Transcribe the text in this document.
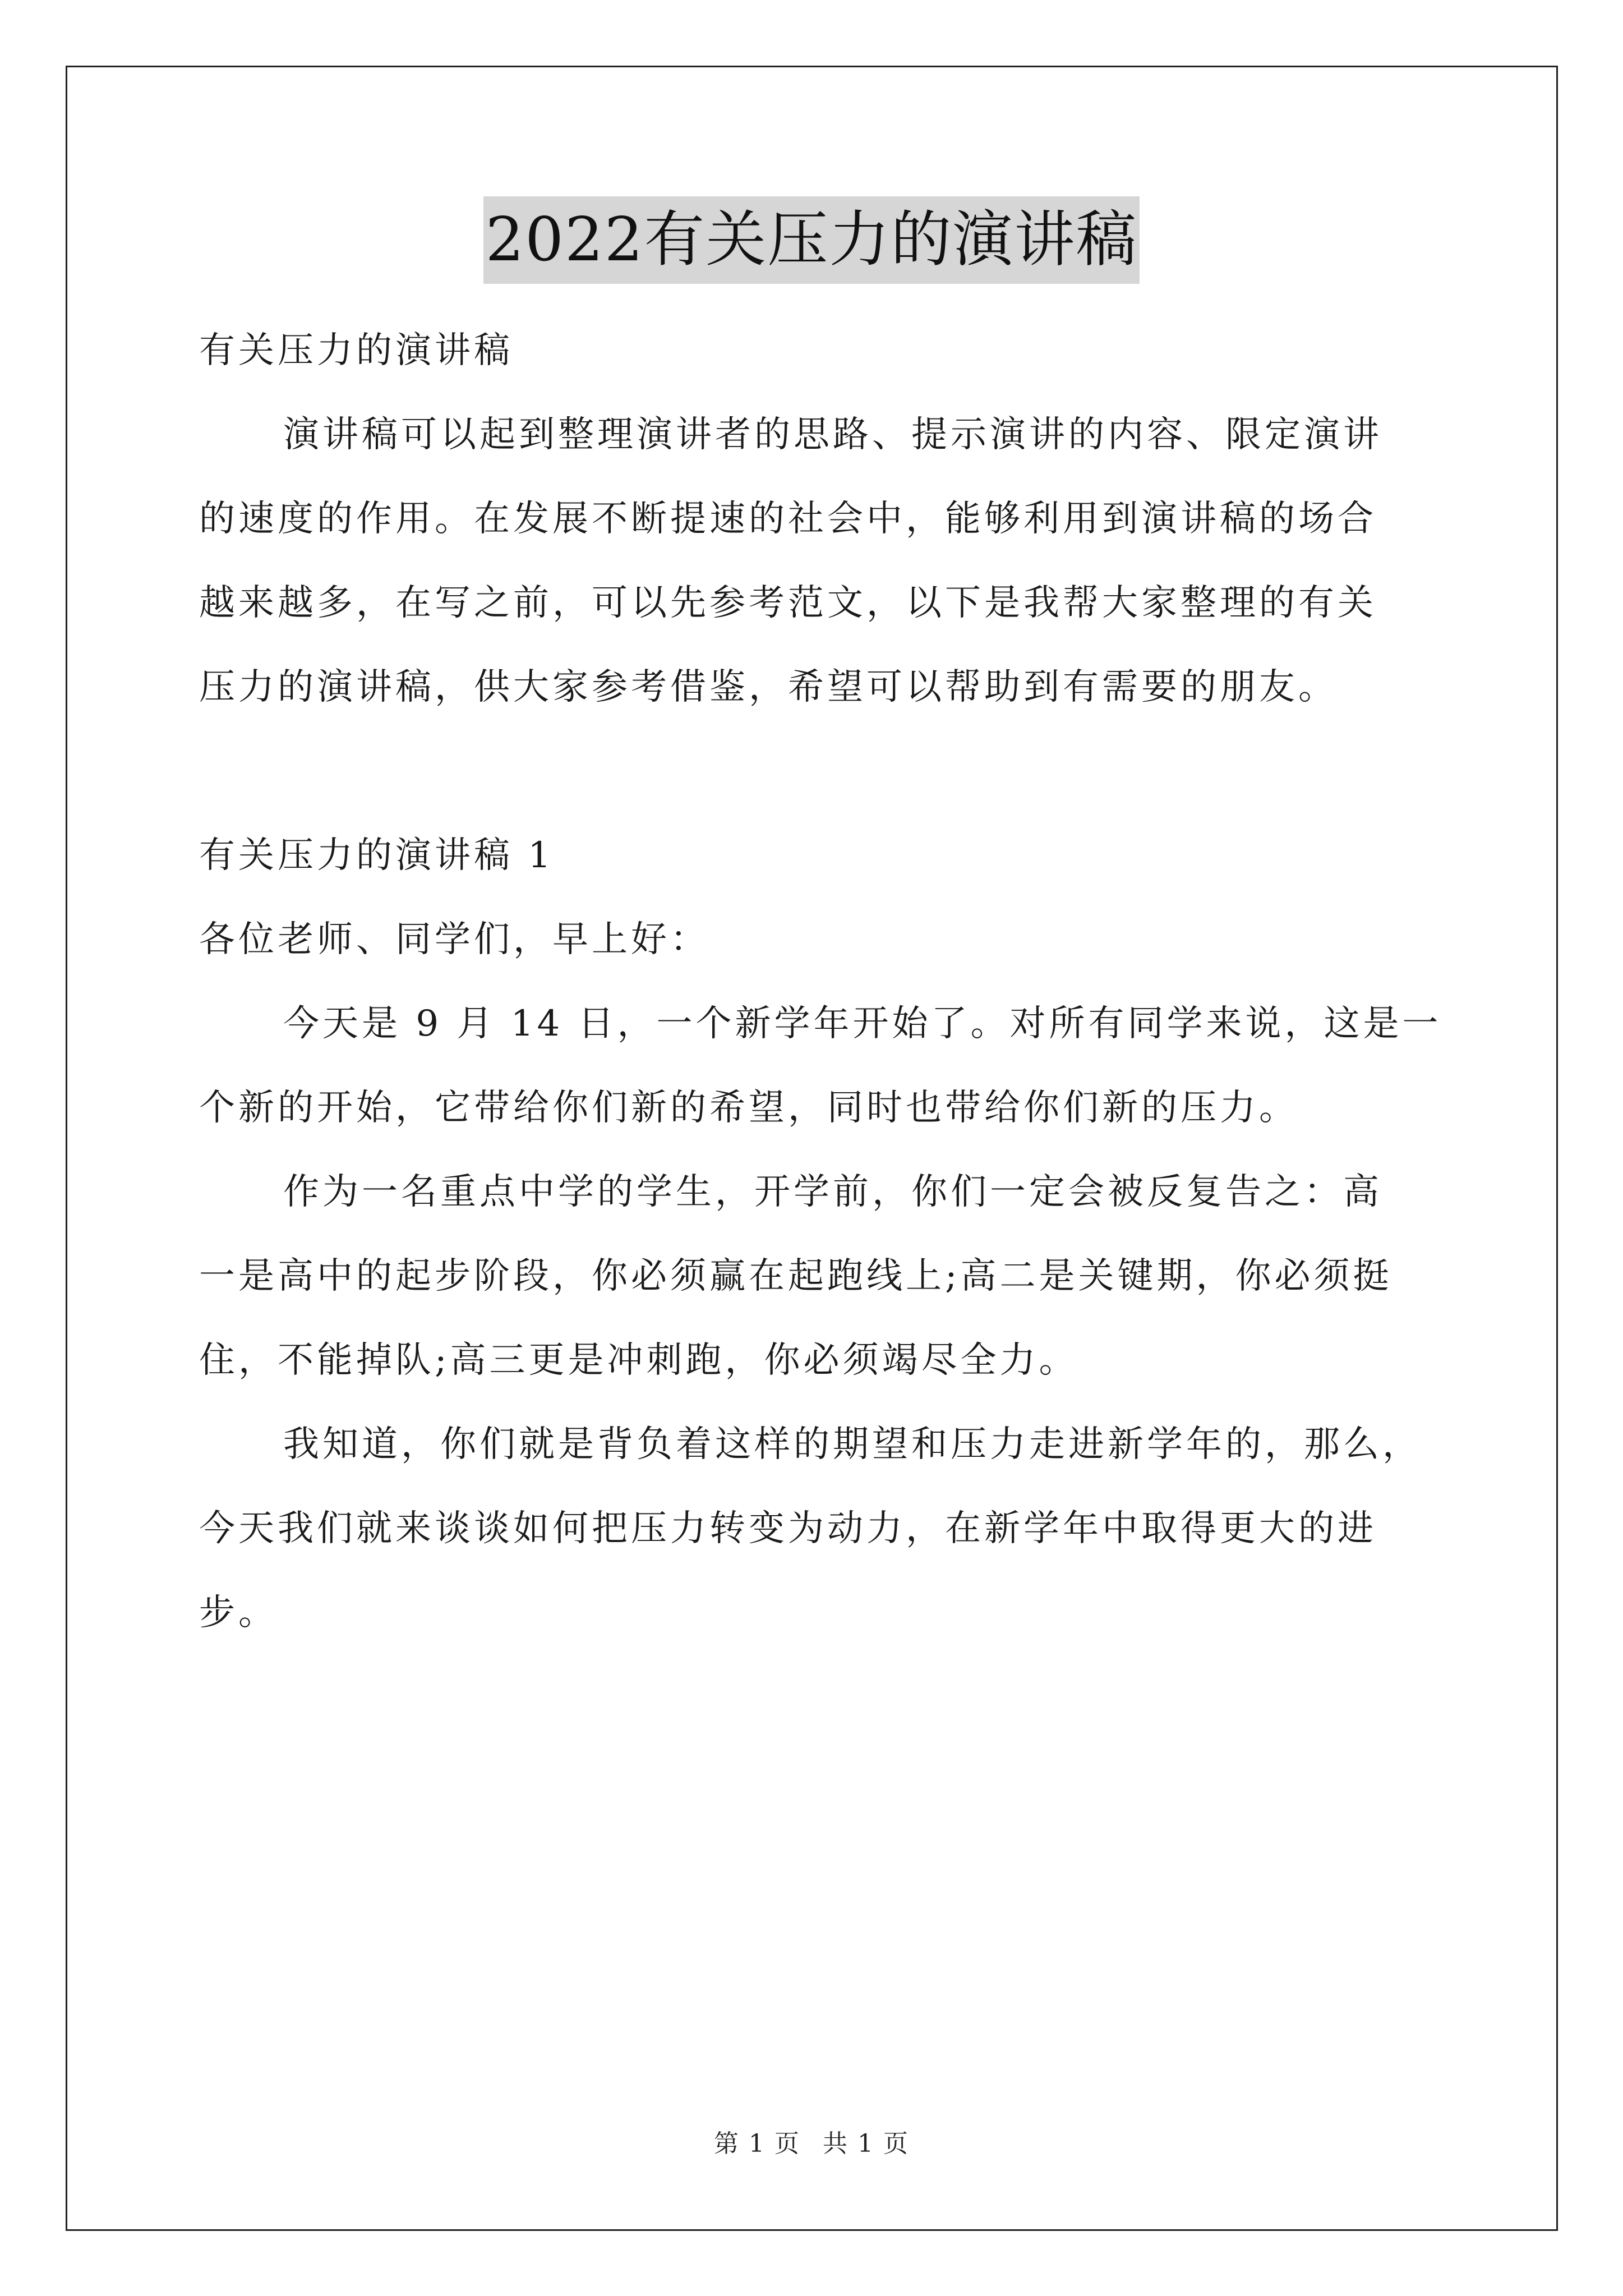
2022有关压力的演讲稿
有关压力的演讲稿
演讲稿可以起到整理演讲者的思路、提示演讲的内容、限定演讲
的速度的作用。在发展不断提速的社会中，能够利用到演讲稿的场合
越来越多，在写之前，可以先参考范文，以下是我帮大家整理的有关
压力的演讲稿，供大家参考借鉴，希望可以帮助到有需要的朋友。
有关压力的演讲稿 1
各位老师、同学们，早上好：
今天是 9 月 14 日，一个新学年开始了。对所有同学来说，这是一
个新的开始，它带给你们新的希望，同时也带给你们新的压力。
作为一名重点中学的学生，开学前，你们一定会被反复告之：高
一是高中的起步阶段，你必须赢在起跑线上;高二是关键期，你必须挺
住，不能掉队;高三更是冲刺跑，你必须竭尽全力。
我知道，你们就是背负着这样的期望和压力走进新学年的，那么，
今天我们就来谈谈如何把压力转变为动力，在新学年中取得更大的进
步。
第 1 页 共 1 页
